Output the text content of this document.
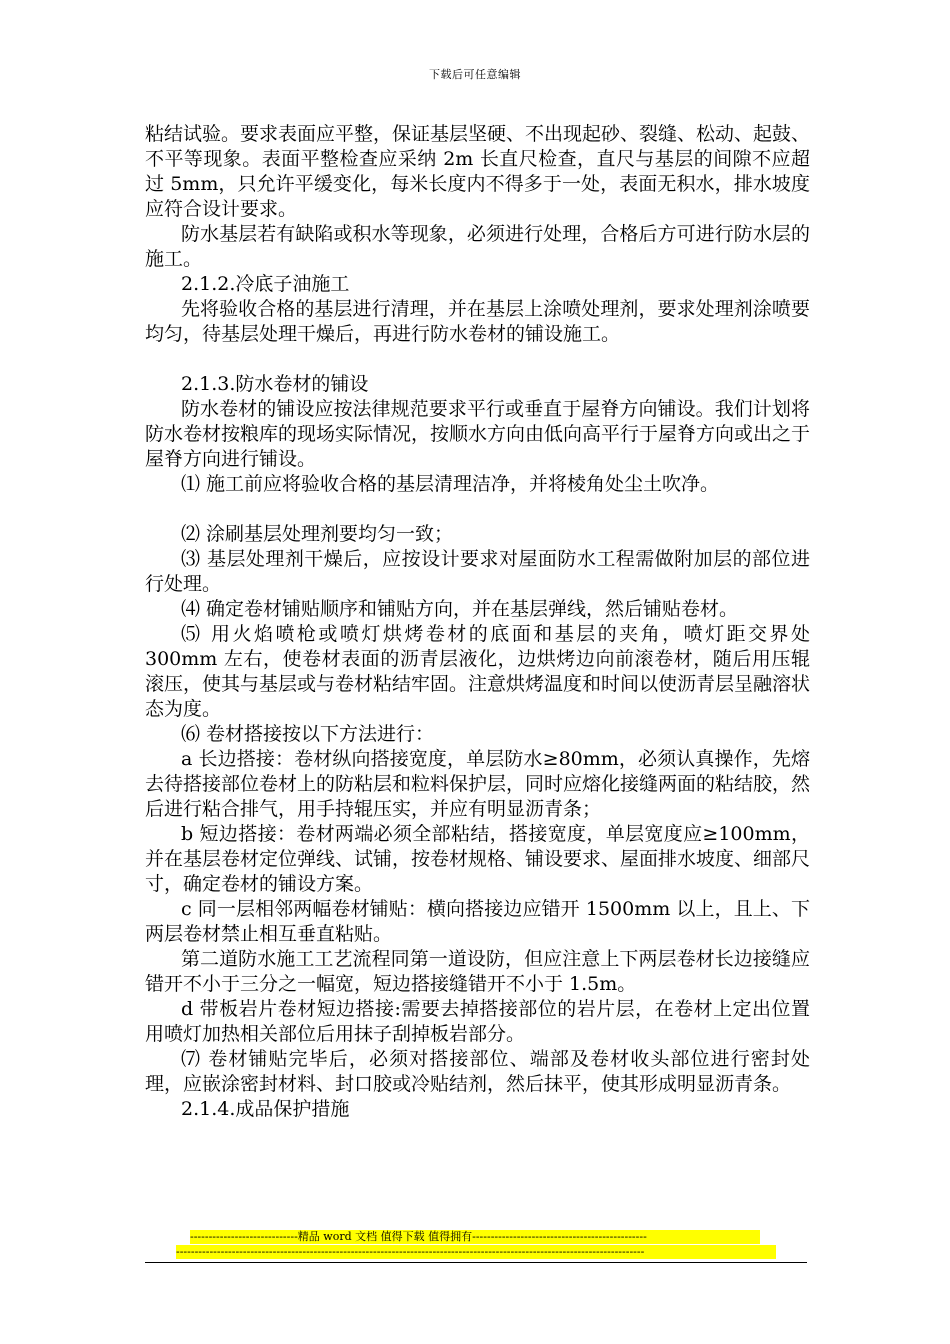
下载后可任意编辑

粘结试验。要求表面应平整，保证基层坚硬、不出现起砂、裂缝、松动、起鼓、不平等现象。表面平整检查应采纳 2m 长直尺检查，直尺与基层的间隙不应超过 5mm，只允许平缓变化，每米长度内不得多于一处，表面无积水，排水坡度应符合设计要求。

防水基层若有缺陷或积水等现象，必须进行处理，合格后方可进行防水层的施工。

2.1.2.冷底子油施工

先将验收合格的基层进行清理，并在基层上涂喷处理剂，要求处理剂涂喷要均匀，待基层处理干燥后，再进行防水卷材的铺设施工。

2.1.3.防水卷材的铺设

防水卷材的铺设应按法律规范要求平行或垂直于屋脊方向铺设。我们计划将防水卷材按粮库的现场实际情况，按顺水方向由低向高平行于屋脊方向或出之于屋脊方向进行铺设。

⑴ 施工前应将验收合格的基层清理洁净，并将棱角处尘土吹净。

⑵ 涂刷基层处理剂要均匀一致；

⑶ 基层处理剂干燥后，应按设计要求对屋面防水工程需做附加层的部位进行处理。

⑷ 确定卷材铺贴顺序和铺贴方向，并在基层弹线，然后铺贴卷材。

⑸ 用火焰喷枪或喷灯烘烤卷材的底面和基层的夹角，喷灯距交界处 300mm 左右，使卷材表面的沥青层液化，边烘烤边向前滚卷材，随后用压辊滚压，使其与基层或与卷材粘结牢固。注意烘烤温度和时间以使沥青层呈融溶状态为度。

⑹ 卷材搭接按以下方法进行：

a 长边搭接：卷材纵向搭接宽度，单层防水≥80mm，必须认真操作，先熔去待搭接部位卷材上的防粘层和粒料保护层，同时应熔化接缝两面的粘结胶，然后进行粘合排气，用手持辊压实，并应有明显沥青条；

b 短边搭接：卷材两端必须全部粘结，搭接宽度，单层宽度应≥100mm，并在基层卷材定位弹线、试铺，按卷材规格、铺设要求、屋面排水坡度、细部尺寸，确定卷材的铺设方案。

c 同一层相邻两幅卷材铺贴：横向搭接边应错开 1500mm 以上，且上、下两层卷材禁止相互垂直粘贴。

第二道防水施工工艺流程同第一道设防，但应注意上下两层卷材长边接缝应错开不小于三分之一幅宽，短边搭接缝错开不小于 1.5m。

d 带板岩片卷材短边搭接:需要去掉搭接部位的岩片层，在卷材上定出位置用喷灯加热相关部位后用抹子刮掉板岩部分。

⑺ 卷材铺贴完毕后，必须对搭接部位、端部及卷材收头部位进行密封处理，应嵌涂密封材料、封口胶或冷贴结剂，然后抹平，使其形成明显沥青条。

2.1.4.成品保护措施

-----------------------------精品 word 文档 值得下载 值得拥有-----------------------------------------------
------------------------------------------------------------------------------------------------------------------------------
